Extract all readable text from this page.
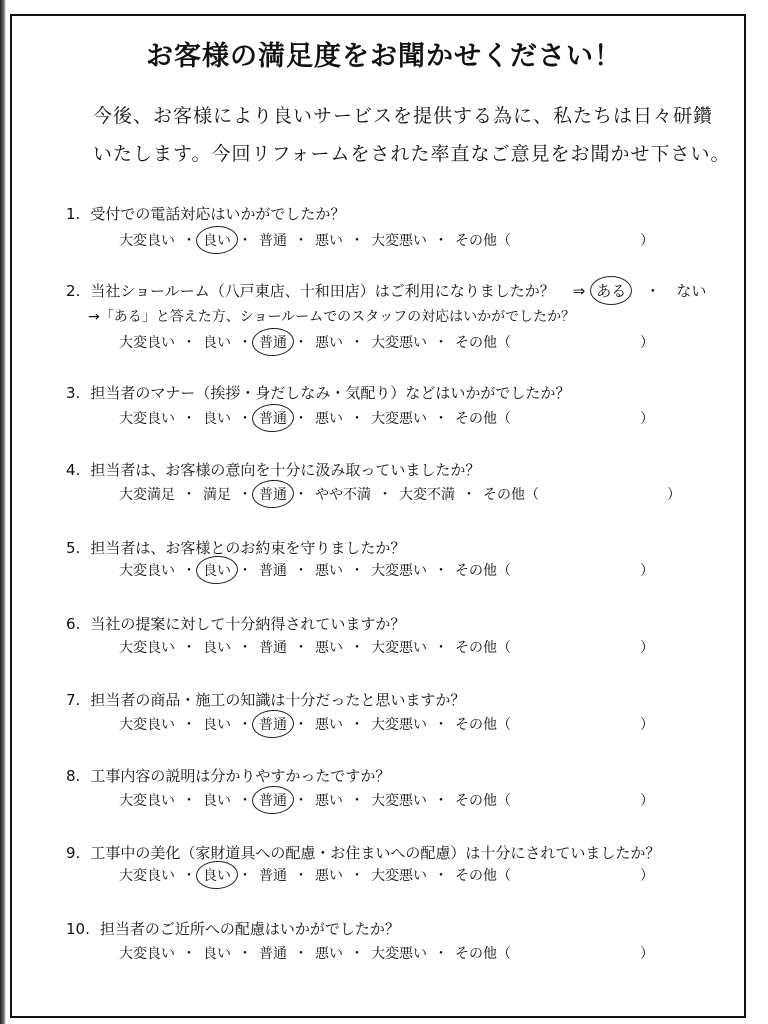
お客様の満足度をお聞かせください！
今後、お客様により良いサービスを提供する為に、私たちは日々研鑽
いたします。今回リフォームをされた率直なご意見をお聞かせ下さい。
1. 受付での電話対応はいかがでしたか？
大変良い ・ 良い ・ 普通 ・ 悪い ・ 大変悪い ・ その他（	）
2. 当社ショールーム（八戸東店、十和田店）はご利用になりましたか？ ⇒ ある ・ ない
→「ある」と答えた方、ショールームでのスタッフの対応はいかがでしたか？
大変良い ・ 良い ・ 普通 ・ 悪い ・ 大変悪い ・ その他（	）
3. 担当者のマナー（挨拶・身だしなみ・気配り）などはいかがでしたか？
大変良い ・ 良い ・ 普通 ・ 悪い ・ 大変悪い ・ その他（	）
4. 担当者は、お客様の意向を十分に汲み取っていましたか？
大変満足 ・ 満足 ・ 普通 ・ やや不満 ・ 大変不満 ・ その他（	）
5. 担当者は、お客様とのお約束を守りましたか？
大変良い ・ 良い ・ 普通 ・ 悪い ・ 大変悪い ・ その他（	）
6. 当社の提案に対して十分納得されていますか？
大変良い ・ 良い ・ 普通 ・ 悪い ・ 大変悪い ・ その他（	）
7. 担当者の商品・施工の知識は十分だったと思いますか？
大変良い ・ 良い ・ 普通 ・ 悪い ・ 大変悪い ・ その他（	）
8. 工事内容の説明は分かりやすかったですか？
大変良い ・ 良い ・ 普通 ・ 悪い ・ 大変悪い ・ その他（	）
9. 工事中の美化（家財道具への配慮・お住まいへの配慮）は十分にされていましたか？
大変良い ・ 良い ・ 普通 ・ 悪い ・ 大変悪い ・ その他（	）
10. 担当者のご近所への配慮はいかがでしたか？
大変良い ・ 良い ・ 普通 ・ 悪い ・ 大変悪い ・ その他（	）
